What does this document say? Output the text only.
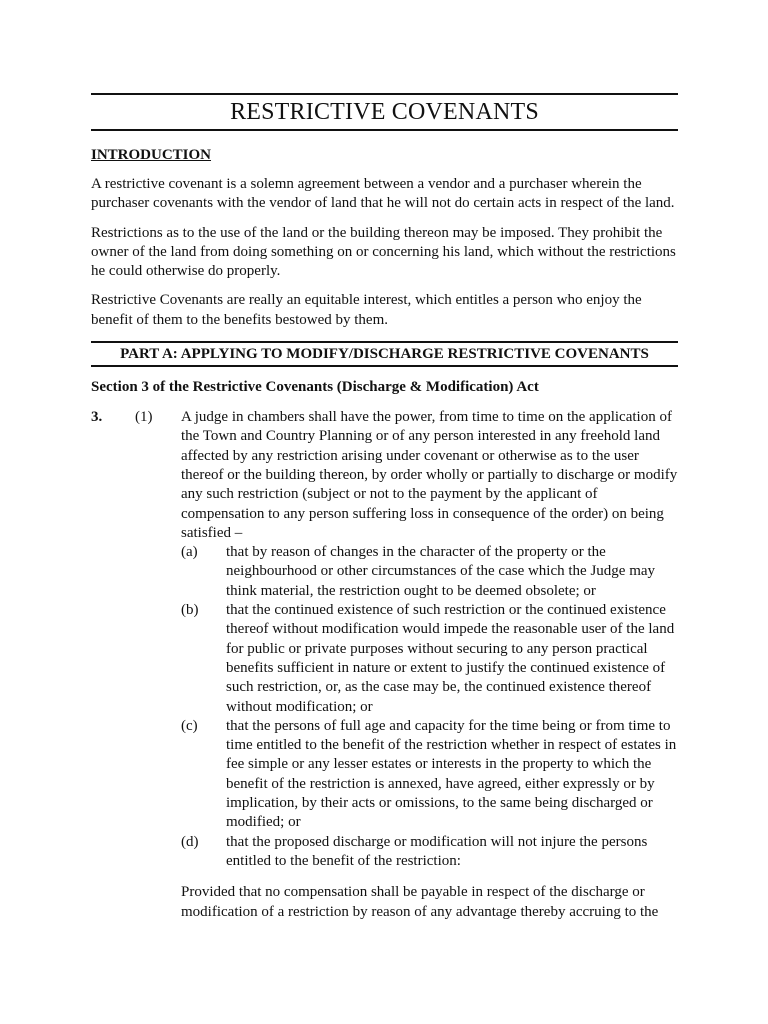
RESTRICTIVE COVENANTS
INTRODUCTION

A restrictive covenant is a solemn agreement between a vendor and a purchaser wherein the purchaser covenants with the vendor of land that he will not do certain acts in respect of the land.

Restrictions as to the use of the land or the building thereon may be imposed. They prohibit the owner of the land from doing something on or concerning his land, which without the restrictions he could otherwise do properly.

Restrictive Covenants are really an equitable interest, which entitles a person who enjoy the benefit of them to the benefits bestowed by them.

PART A: APPLYING TO MODIFY/DISCHARGE RESTRICTIVE COVENANTS
Section 3 of the Restrictive Covenants (Discharge & Modification) Act
3. (1) A judge in chambers shall have the power, from time to time on the application of the Town and Country Planning or of any person interested in any freehold land affected by any restriction arising under covenant or otherwise as to the user thereof or the building thereon, by order wholly or partially to discharge or modify any such restriction (subject or not to the payment by the applicant of compensation to any person suffering loss in consequence of the order) on being satisfied –
(a) that by reason of changes in the character of the property or the neighbourhood or other circumstances of the case which the Judge may think material, the restriction ought to be deemed obsolete; or
(b) that the continued existence of such restriction or the continued existence thereof without modification would impede the reasonable user of the land for public or private purposes without securing to any person practical benefits sufficient in nature or extent to justify the continued existence of such restriction, or, as the case may be, the continued existence thereof without modification; or
(c) that the persons of full age and capacity for the time being or from time to time entitled to the benefit of the restriction whether in respect of estates in fee simple or any lesser estates or interests in the property to which the benefit of the restriction is annexed, have agreed, either expressly or by implication, by their acts or omissions, to the same being discharged or modified; or
(d) that the proposed discharge or modification will not injure the persons entitled to the benefit of the restriction:

Provided that no compensation shall be payable in respect of the discharge or modification of a restriction by reason of any advantage thereby accruing to the
